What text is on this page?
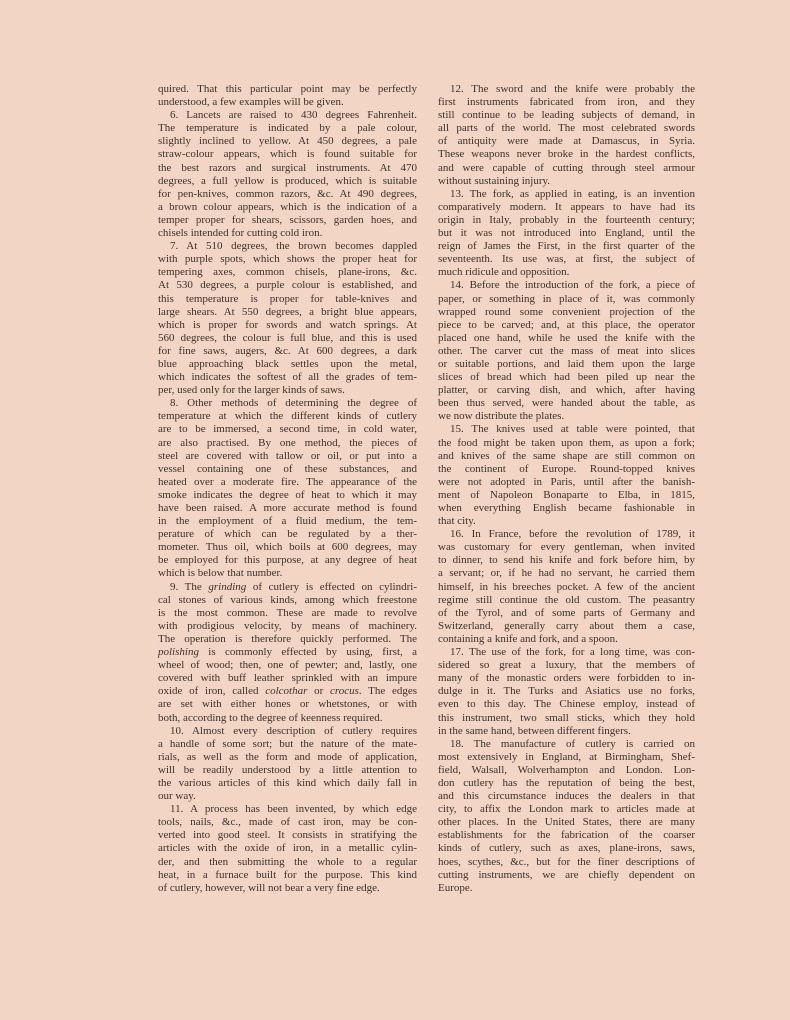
quired. That this particular point may be perfectly
understood, a few examples will be given.
6. Lancets are raised to 430 degrees Fahrenheit.
The temperature is indicated by a pale colour,
slightly inclined to yellow. At 450 degrees, a pale
straw-colour appears, which is found suitable for
the best razors and surgical instruments. At 470
degrees, a full yellow is produced, which is suitable
for pen-knives, common razors, &c. At 490 degrees,
a brown colour appears, which is the indication of a
temper proper for shears, scissors, garden hoes, and
chisels intended for cutting cold iron.
7. At 510 degrees, the brown becomes dappled
with purple spots, which shows the proper heat for
tempering axes, common chisels, plane-irons, &c.
At 530 degrees, a purple colour is established, and
this temperature is proper for table-knives and
large shears. At 550 degrees, a bright blue appears,
which is proper for swords and watch springs. At
560 degrees, the colour is full blue, and this is used
for fine saws, augers, &c. At 600 degrees, a dark
blue approaching black settles upon the metal,
which indicates the softest of all the grades of tem-
per, used only for the larger kinds of saws.
8. Other methods of determining the degree of
temperature at which the different kinds of cutlery
are to be immersed, a second time, in cold water,
are also practised. By one method, the pieces of
steel are covered with tallow or oil, or put into a
vessel containing one of these substances, and
heated over a moderate fire. The appearance of the
smoke indicates the degree of heat to which it may
have been raised. A more accurate method is found
in the employment of a fluid medium, the tem-
perature of which can be regulated by a ther-
mometer. Thus oil, which boils at 600 degrees, may
be employed for this purpose, at any degree of heat
which is below that number.
9. The grinding of cutlery is effected on cylindri-
cal stones of various kinds, among which freestone
is the most common. These are made to revolve
with prodigious velocity, by means of machinery.
The operation is therefore quickly performed. The
polishing is commonly effected by using, first, a
wheel of wood; then, one of pewter; and, lastly, one
covered with buff leather sprinkled with an impure
oxide of iron, called colcothar or crocus. The edges
are set with either hones or whetstones, or with
both, according to the degree of keenness required.
10. Almost every description of cutlery requires
a handle of some sort; but the nature of the mate-
rials, as well as the form and mode of application,
will be readily understood by a little attention to
the various articles of this kind which daily fall in
our way.
11. A process has been invented, by which edge
tools, nails, &c., made of cast iron, may be con-
verted into good steel. It consists in stratifying the
articles with the oxide of iron, in a metallic cylin-
der, and then submitting the whole to a regular
heat, in a furnace built for the purpose. This kind
of cutlery, however, will not bear a very fine edge.
12. The sword and the knife were probably the
first instruments fabricated from iron, and they
still continue to be leading subjects of demand, in
all parts of the world. The most celebrated swords
of antiquity were made at Damascus, in Syria.
These weapons never broke in the hardest conflicts,
and were capable of cutting through steel armour
without sustaining injury.
13. The fork, as applied in eating, is an invention
comparatively modern. It appears to have had its
origin in Italy, probably in the fourteenth century;
but it was not introduced into England, until the
reign of James the First, in the first quarter of the
seventeenth. Its use was, at first, the subject of
much ridicule and opposition.
14. Before the introduction of the fork, a piece of
paper, or something in place of it, was commonly
wrapped round some convenient projection of the
piece to be carved; and, at this place, the operator
placed one hand, while he used the knife with the
other. The carver cut the mass of meat into slices
or suitable portions, and laid them upon the large
slices of bread which had been piled up near the
platter, or carving dish, and which, after having
been thus served, were handed about the table, as
we now distribute the plates.
15. The knives used at table were pointed, that
the food might be taken upon them, as upon a fork;
and knives of the same shape are still common on
the continent of Europe. Round-topped knives
were not adopted in Paris, until after the banish-
ment of Napoleon Bonaparte to Elba, in 1815,
when everything English became fashionable in
that city.
16. In France, before the revolution of 1789, it
was customary for every gentleman, when invited
to dinner, to send his knife and fork before him, by
a servant; or, if he had no servant, he carried them
himself, in his breeches pocket. A few of the ancient
regime still continue the old custom. The peasantry
of the Tyrol, and of some parts of Germany and
Switzerland, generally carry about them a case,
containing a knife and fork, and a spoon.
17. The use of the fork, for a long time, was con-
sidered so great a luxury, that the members of
many of the monastic orders were forbidden to in-
dulge in it. The Turks and Asiatics use no forks,
even to this day. The Chinese employ, instead of
this instrument, two small sticks, which they hold
in the same hand, between different fingers.
18. The manufacture of cutlery is carried on
most extensively in England, at Birmingham, Shef-
field, Walsall, Wolverhampton and London. Lon-
don cutlery has the reputation of being the best,
and this circumstance induces the dealers in that
city, to affix the London mark to articles made at
other places. In the United States, there are many
establishments for the fabrication of the coarser
kinds of cutlery, such as axes, plane-irons, saws,
hoes, scythes, &c., but for the finer descriptions of
cutting instruments, we are chiefly dependent on
Europe.
